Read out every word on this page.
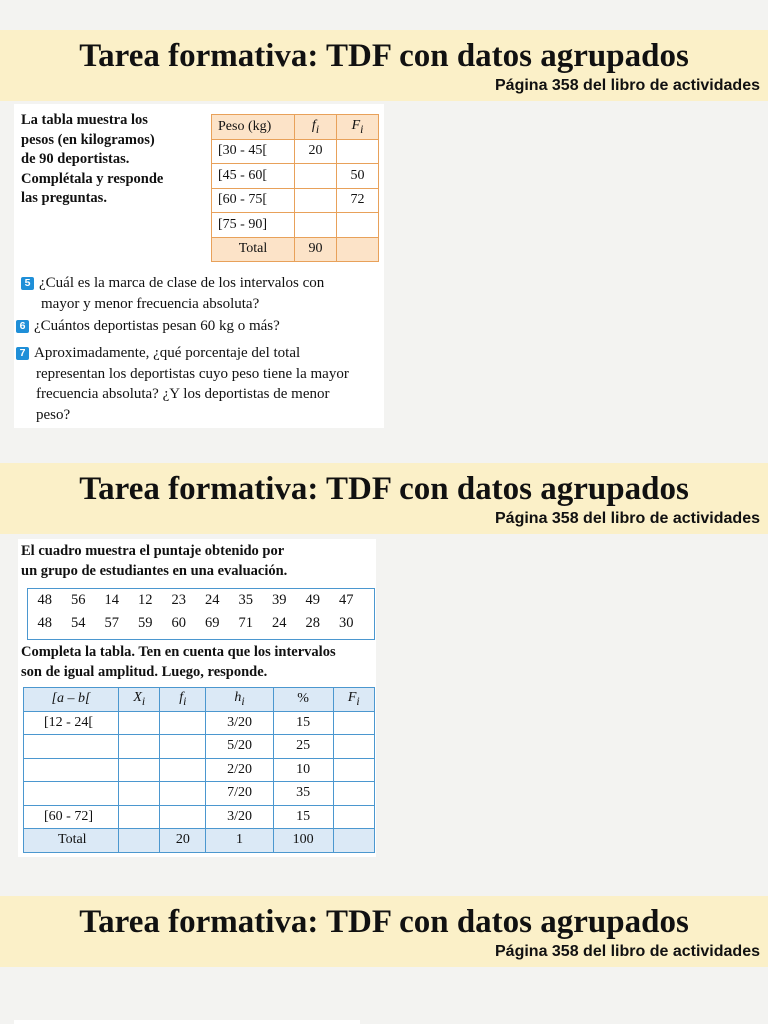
Tarea formativa: TDF con datos agrupados
Página 358 del libro de actividades
La tabla muestra los
pesos (en kilogramos)
de 90 deportistas.
Complétala y responde
las preguntas.
Peso (kg)	$f_i$	$F_i$
[30 - 45[	20	
[45 - 60[		50
[60 - 75[		72
[75 - 90]		
Total	90	
5 ¿Cuál es la marca de clase de los intervalos con
mayor y menor frecuencia absoluta?
6 ¿Cuántos deportistas pesan 60 kg o más?
7 Aproximadamente, ¿qué porcentaje del total
representan los deportistas cuyo peso tiene la mayor
frecuencia absoluta? ¿Y los deportistas de menor
peso?
Tarea formativa: TDF con datos agrupados
Página 358 del libro de actividades
El cuadro muestra el puntaje obtenido por
un grupo de estudiantes en una evaluación.
48	56	14	12	23	24	35	39	49	47
48	54	57	59	60	69	71	24	28	30
Completa la tabla. Ten en cuenta que los intervalos
son de igual amplitud. Luego, responde.
[a – b[	$X_i$	$f_i$	$h_i$	%	$F_i$
[12 - 24[			3/20	15	
			5/20	25	
			2/20	10	
			7/20	35	
[60 - 72]			3/20	15	
Total		20	1	100	
Tarea formativa: TDF con datos agrupados
Página 358 del libro de actividades
